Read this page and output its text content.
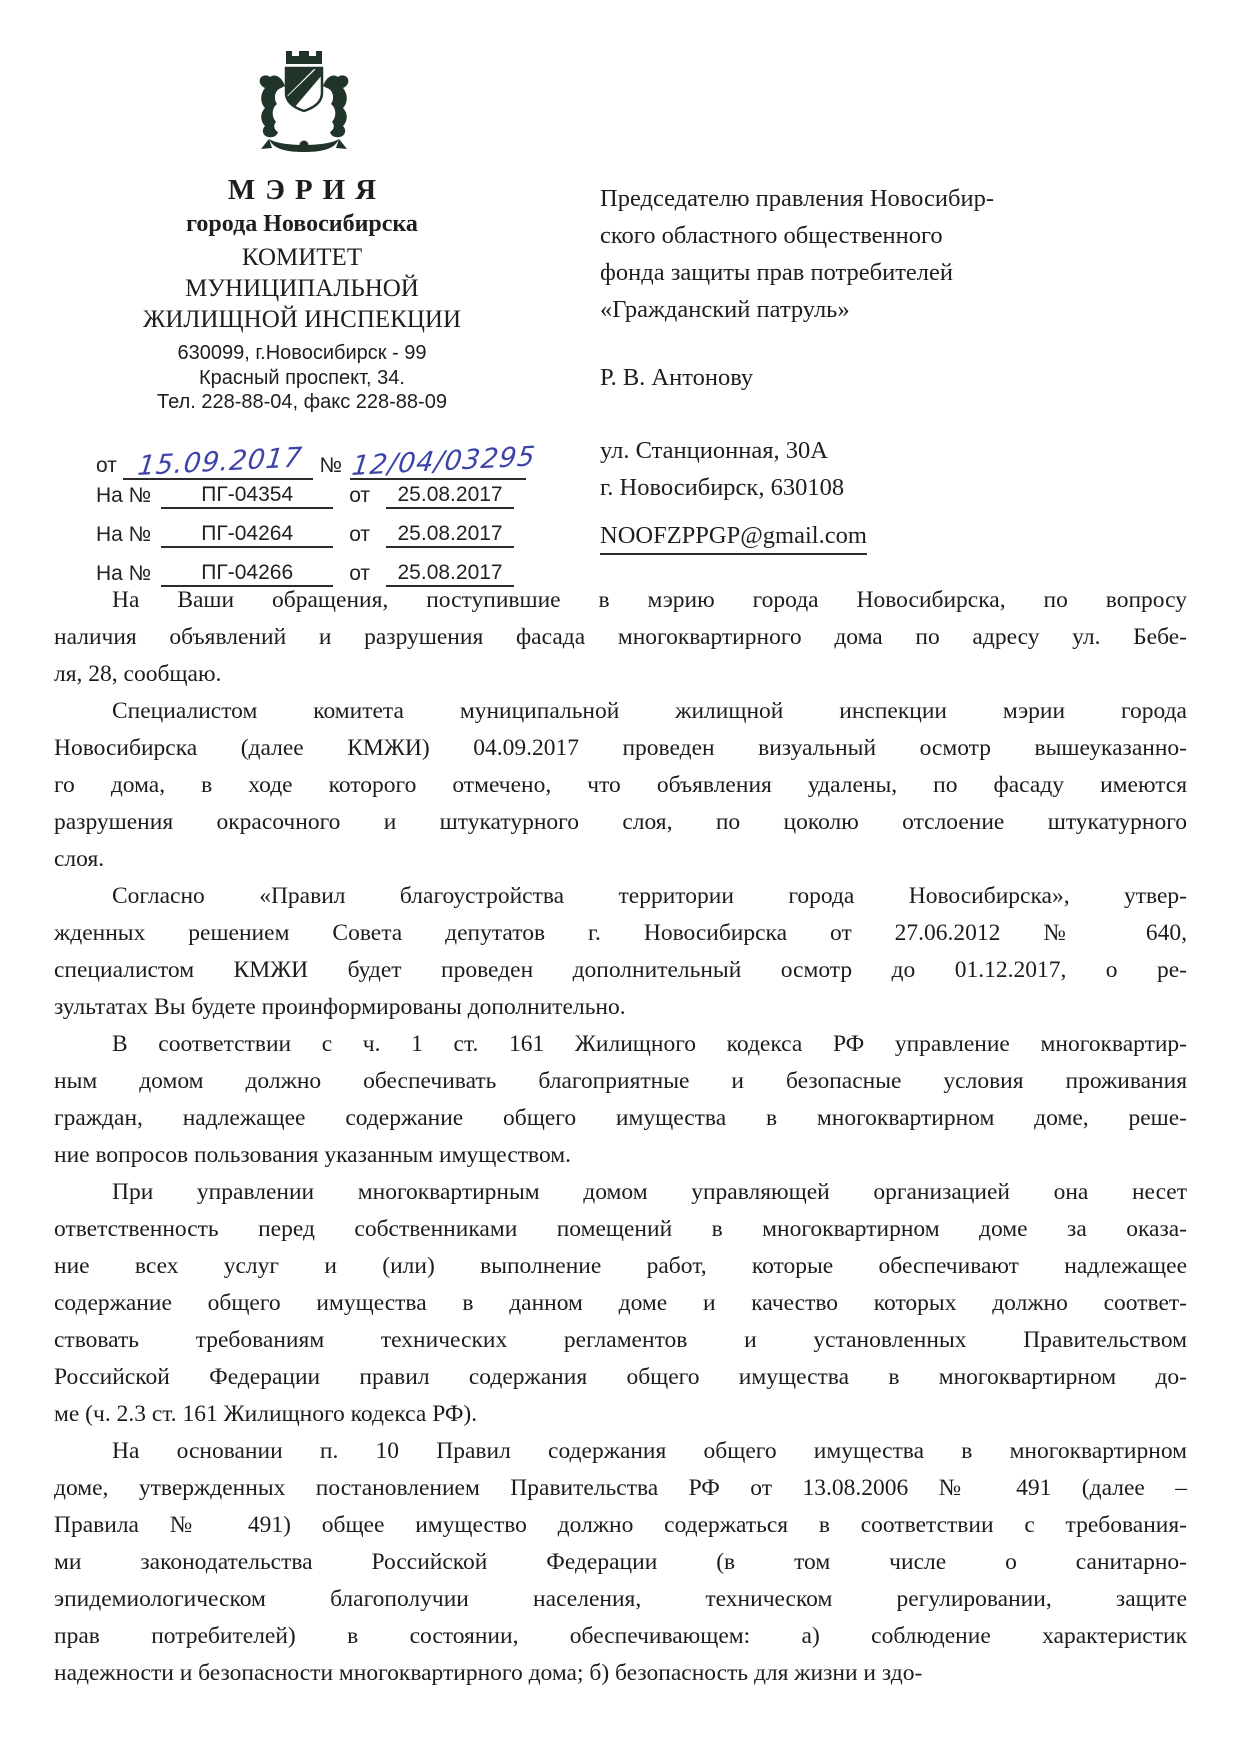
МЭРИЯ
города Новосибирска
КОМИТЕТ
МУНИЦИПАЛЬНОЙ
ЖИЛИЩНОЙ ИНСПЕКЦИИ
630099, г.Новосибирск - 99
Красный проспект, 34.
Тел. 228-88-04, факс 228-88-09
от 15.09.2017 № 12/04/03295
На №	ПГ-04354	от	25.08.2017
На №	ПГ-04264	от	25.08.2017
На №	ПГ-04266	от	25.08.2017
Председателю правления Новосибир-
ского областного общественного
фонда защиты прав потребителей
«Гражданский патруль»
Р. В. Антонову
ул. Станционная, 30А
г. Новосибирск, 630108
NOOFZPPGP@gmail.com
На Ваши обращения, поступившие в мэрию города Новосибирска, по вопросу
наличия объявлений и разрушения фасада многоквартирного дома по адресу ул. Бебе-
ля, 28, сообщаю.
Специалистом комитета муниципальной жилищной инспекции мэрии города
Новосибирска (далее КМЖИ) 04.09.2017 проведен визуальный осмотр вышеуказанно-
го дома, в ходе которого отмечено, что объявления удалены, по фасаду имеются
разрушения окрасочного и штукатурного слоя, по цоколю отслоение штукатурного
слоя.
Согласно «Правил благоустройства территории города Новосибирска», утвер-
жденных решением Совета депутатов г. Новосибирска от 27.06.2012 № 640,
специалистом КМЖИ будет проведен дополнительный осмотр до 01.12.2017, о ре-
зультатах Вы будете проинформированы дополнительно.
В соответствии с ч. 1 ст. 161 Жилищного кодекса РФ управление многоквартир-
ным домом должно обеспечивать благоприятные и безопасные условия проживания
граждан, надлежащее содержание общего имущества в многоквартирном доме, реше-
ние вопросов пользования указанным имуществом.
При управлении многоквартирным домом управляющей организацией она несет
ответственность перед собственниками помещений в многоквартирном доме за оказа-
ние всех услуг и (или) выполнение работ, которые обеспечивают надлежащее
содержание общего имущества в данном доме и качество которых должно соответ-
ствовать требованиям технических регламентов и установленных Правительством
Российской Федерации правил содержания общего имущества в многоквартирном до-
ме (ч. 2.3 ст. 161 Жилищного кодекса РФ).
На основании п. 10 Правил содержания общего имущества в многоквартирном
доме, утвержденных постановлением Правительства РФ от 13.08.2006 № 491 (далее –
Правила № 491) общее имущество должно содержаться в соответствии с требования-
ми законодательства Российской Федерации (в том числе о санитарно-
эпидемиологическом благополучии населения, техническом регулировании, защите
прав потребителей) в состоянии, обеспечивающем: а) соблюдение характеристик
надежности и безопасности многоквартирного дома; б) безопасность для жизни и здо-
